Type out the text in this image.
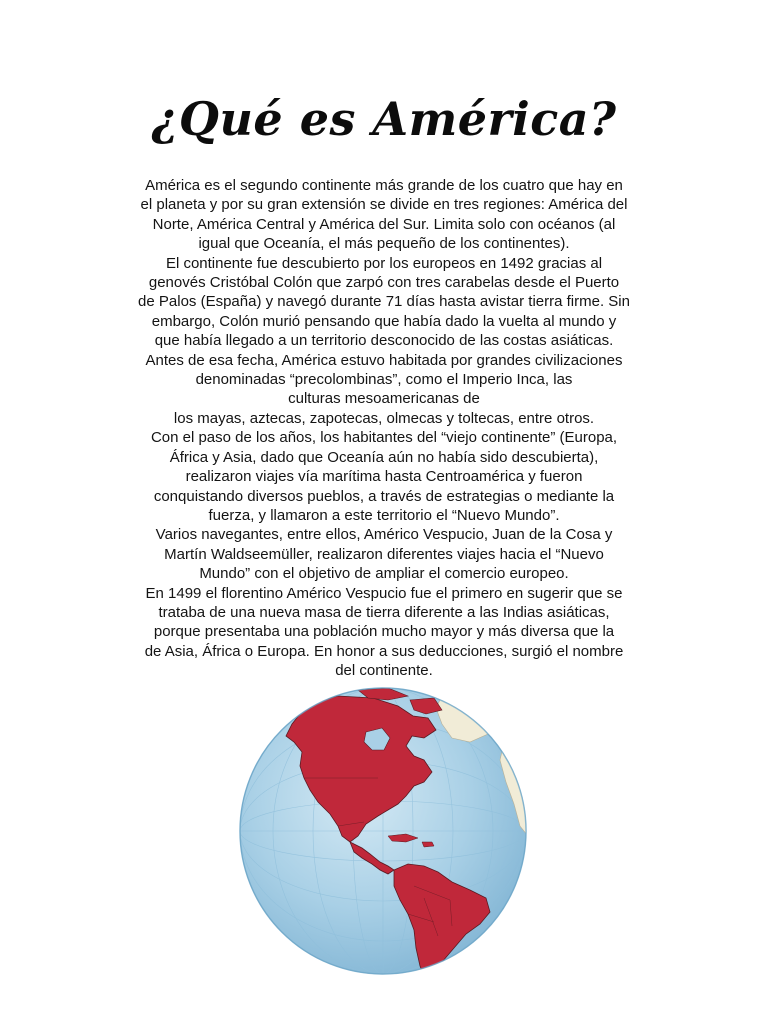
¿Qué es América?
América es el segundo continente más grande de los cuatro que hay en
el planeta y por su gran extensión se divide en tres regiones: América del
Norte, América Central y América del Sur. Limita solo con océanos (al
igual que Oceanía, el más pequeño de los continentes).
El continente fue descubierto por los europeos en 1492 gracias al
genovés Cristóbal Colón que zarpó con tres carabelas desde el Puerto
de Palos (España) y navegó durante 71 días hasta avistar tierra firme. Sin
embargo, Colón murió pensando que había dado la vuelta al mundo y
que había llegado a un territorio desconocido de las costas asiáticas.
Antes de esa fecha, América estuvo habitada por grandes civilizaciones
denominadas “precolombinas”, como el Imperio Inca, las
culturas mesoamericanas de
los mayas, aztecas, zapotecas, olmecas y toltecas, entre otros.
Con el paso de los años, los habitantes del “viejo continente” (Europa,
África y Asia, dado que Oceanía aún no había sido descubierta),
realizaron viajes vía marítima hasta Centroamérica y fueron
conquistando diversos pueblos, a través de estrategias o mediante la
fuerza, y llamaron a este territorio el “Nuevo Mundo”.
Varios navegantes, entre ellos, Américo Vespucio, Juan de la Cosa y
Martín Waldseemüller, realizaron diferentes viajes hacia el “Nuevo
Mundo” con el objetivo de ampliar el comercio europeo.
En 1499 el florentino Américo Vespucio fue el primero en sugerir que se
trataba de una nueva masa de tierra diferente a las Indias asiáticas,
porque presentaba una población mucho mayor y más diversa que la
de Asia, África o Europa. En honor a sus deducciones, surgió el nombre
del continente.
